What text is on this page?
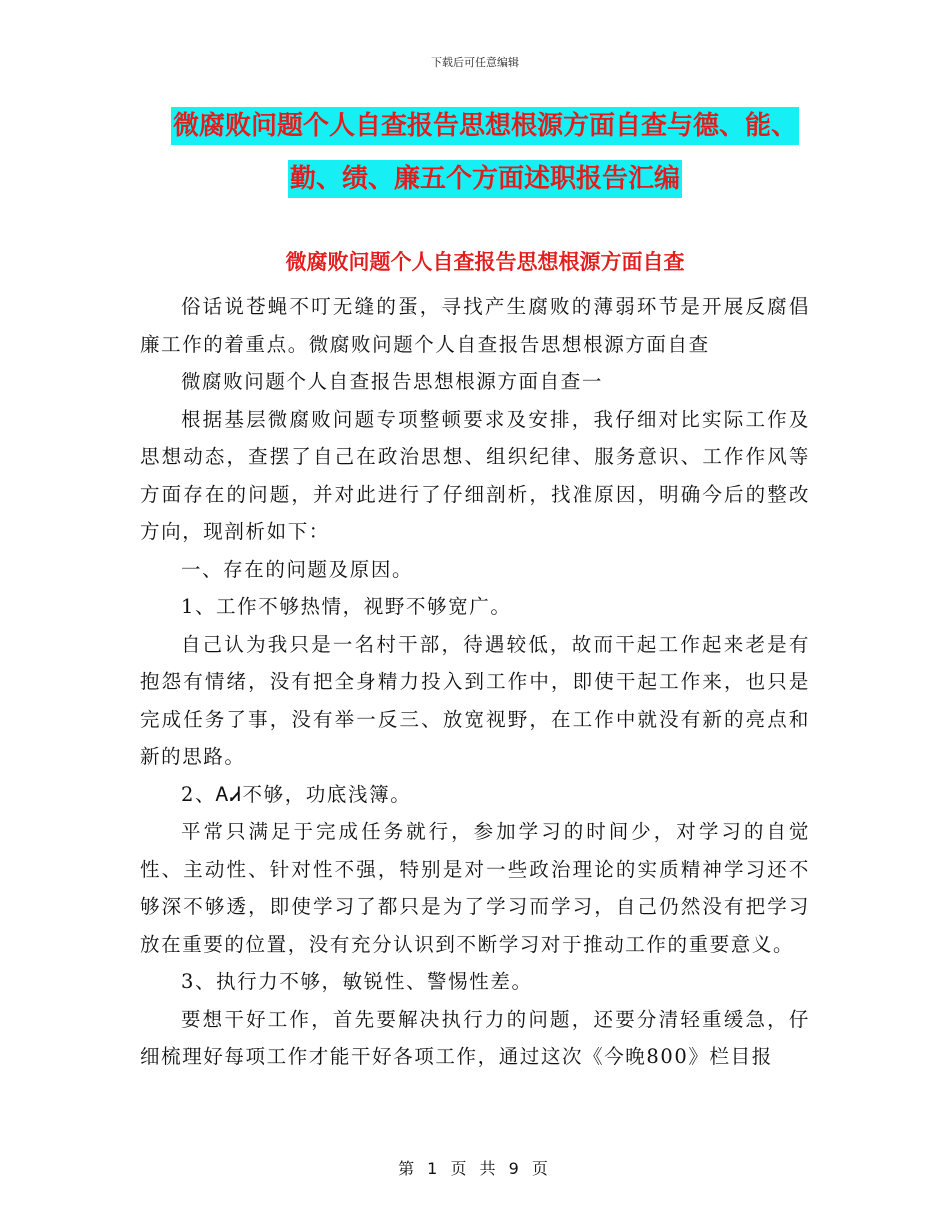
下载后可任意编辑
微腐败问题个人自查报告思想根源方面自查与德、能、
勤、绩、廉五个方面述职报告汇编
微腐败问题个人自查报告思想根源方面自查

俗话说苍蝇不叮无缝的蛋，寻找产生腐败的薄弱环节是开展反腐倡廉工作的着重点。微腐败问题个人自查报告思想根源方面自查

微腐败问题个人自查报告思想根源方面自查一

根据基层微腐败问题专项整顿要求及安排，我仔细对比实际工作及思想动态，查摆了自己在政治思想、组织纪律、服务意识、工作作风等方面存在的问题，并对此进行了仔细剖析，找准原因，明确今后的整改方向，现剖析如下：

一、存在的问题及原因。

1、工作不够热情，视野不够宽广。

自己认为我只是一名村干部，待遇较低，故而干起工作起来老是有抱怨有情绪，没有把全身精力投入到工作中，即使干起工作来，也只是完成任务了事，没有举一反三、放宽视野，在工作中就没有新的亮点和新的思路。

2、ᎪᏗ不够，功底浅簿。

平常只满足于完成任务就行，参加学习的时间少，对学习的自觉性、主动性、针对性不强，特别是对一些政治理论的实质精神学习还不够深不够透，即使学习了都只是为了学习而学习，自己仍然没有把学习放在重要的位置，没有充分认识到不断学习对于推动工作的重要意义。

3、执行力不够，敏锐性、警惕性差。

要想干好工作，首先要解决执行力的问题，还要分清轻重缓急，仔细梳理好每项工作才能干好各项工作，通过这次《今晚800》栏目报

第 1 页 共 9 页
